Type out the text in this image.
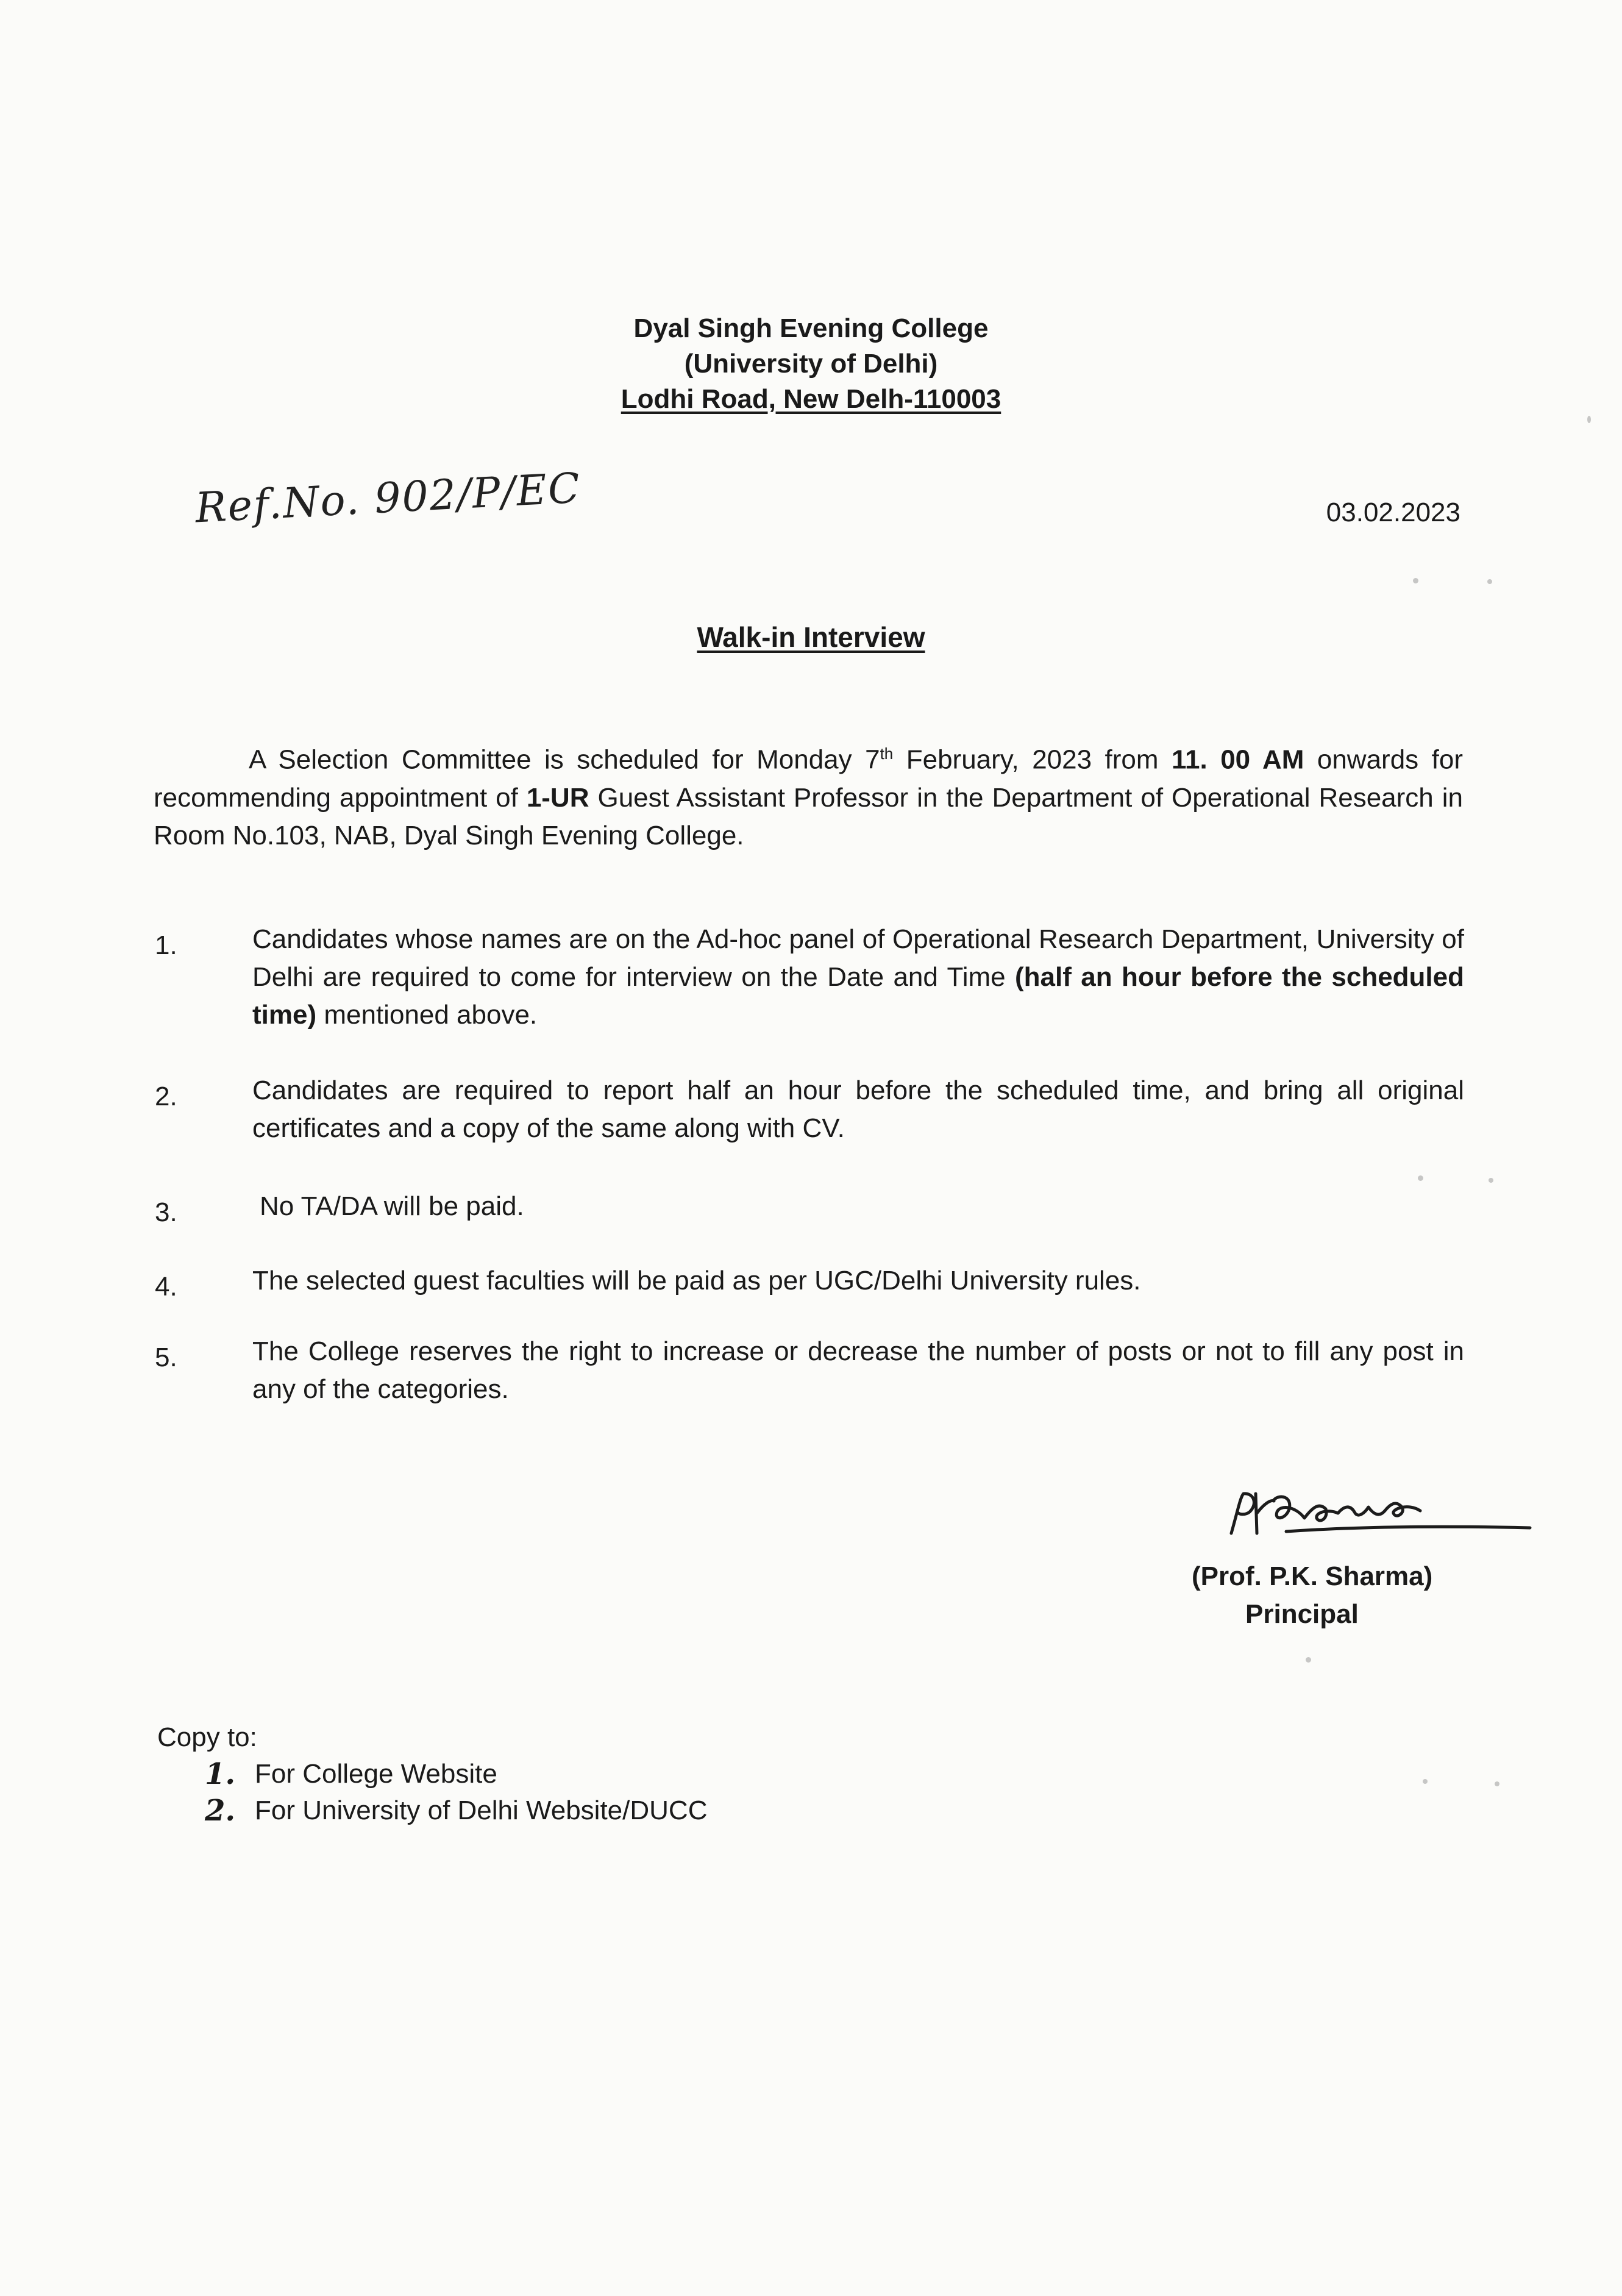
Dyal Singh Evening College
(University of Delhi)
Lodhi Road, New Delh-110003
Ref.No. 902/P/EC	03.02.2023
Walk-in Interview
A Selection Committee is scheduled for Monday 7th February, 2023 from 11. 00 AM onwards for recommending appointment of 1-UR Guest Assistant Professor in the Department of Operational Research in Room No.103, NAB, Dyal Singh Evening College.
1.	Candidates whose names are on the Ad-hoc panel of Operational Research Department, University of Delhi are required to come for interview on the Date and Time (half an hour before the scheduled time) mentioned above.
2.	Candidates are required to report half an hour before the scheduled time, and bring all original certificates and a copy of the same along with CV.
3.	No TA/DA will be paid.
4.	The selected guest faculties will be paid as per UGC/Delhi University rules.
5.	The College reserves the right to increase or decrease the number of posts or not to fill any post in any of the categories.
(Prof. P.K. Sharma)
Principal
Copy to:
1. For College Website
2. For University of Delhi Website/DUCC
